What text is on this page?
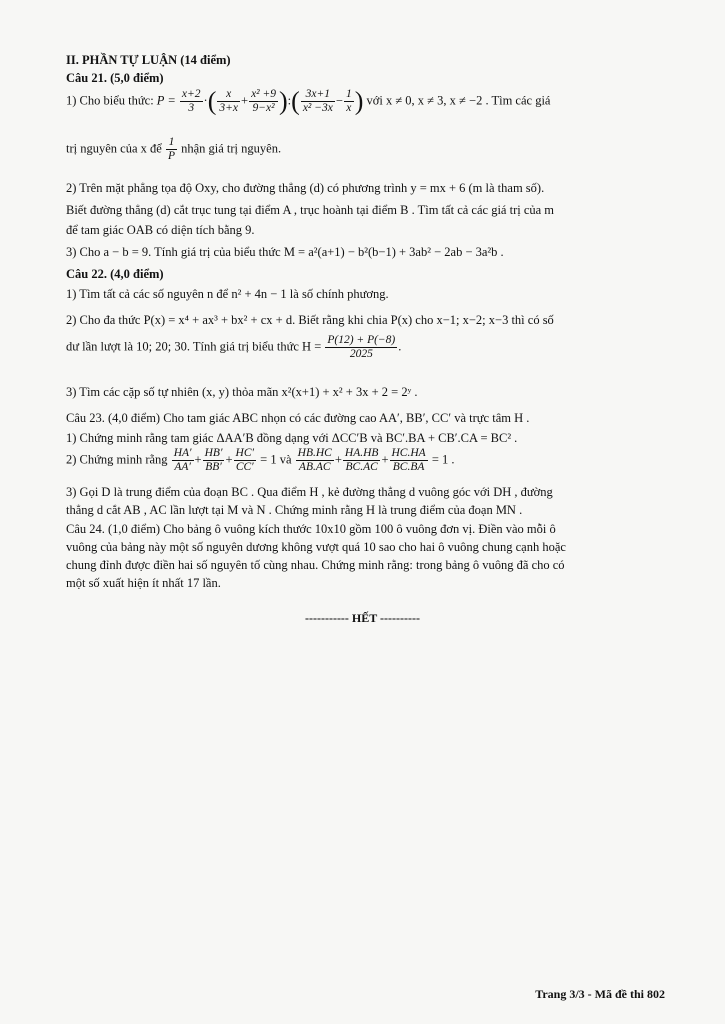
II. PHẦN TỰ LUẬN (14 điểm)
Câu 21. (5,0 điểm)
1) Cho biểu thức: $P = \frac{x+2}{3}$ ·( $\frac{x}{3+x} + \frac{\text{x² +9}}{\text{9−x²}}$ ):( $\frac{3x+1}{\text{x² −3x}} - \frac{1}{x}$ ) với x ≠ 0, x ≠ 3, x ≠ −2 . Tìm các giá
trị nguyên của x để $\frac{1}{P}$ nhận giá trị nguyên.
2) Trên mặt phẳng tọa độ Oxy, cho đường thẳng (d) có phương trình y = mx + 6 (m là tham số).
Biết đường thẳng (d) cắt trục tung tại điểm A , trục hoành tại điểm B . Tìm tất cả các giá trị của m
để tam giác OAB có diện tích bằng 9.
3) Cho a − b = 9. Tính giá trị của biểu thức M = a²(a+1) − b²(b−1) + 3ab² − 2ab − 3a²b .
Câu 22. (4,0 điểm)
1) Tìm tất cả các số nguyên n để n² + 4n − 1 là số chính phương.
2) Cho đa thức P(x) = x⁴ + ax³ + bx² + cx + d. Biết rằng khi chia P(x) cho x−1; x−2; x−3 thì có số
dư lần lượt là 10; 20; 30. Tính giá trị biểu thức $H = \frac{P(12) + P(-8)}{2025}$ .
3) Tìm các cặp số tự nhiên (x, y) thỏa mãn x²(x+1) + x² + 3x + 2 = 2ʸ .
Câu 23. (4,0 điểm) Cho tam giác ABC nhọn có các đường cao AA′, BB′, CC′ và trực tâm H .
1) Chứng minh rằng tam giác ΔAA′B đồng dạng với ΔCC′B và BC′.BA + CB′.CA = BC² .
2) Chứng minh rằng $\frac{HA'}{AA'} + \frac{HB'}{BB'} + \frac{HC'}{CC'} = 1$ và $\frac{HB.HC}{AB.AC} + \frac{HA.HB}{BC.AC} + \frac{HC.HA}{BC.BA} = 1$ .
3) Gọi D là trung điểm của đoạn BC . Qua điểm H , kẻ đường thẳng d vuông góc với DH , đường
thẳng d cắt AB , AC lần lượt tại M và N . Chứng minh rằng H là trung điểm của đoạn MN .
Câu 24. (1,0 điểm) Cho bảng ô vuông kích thước 10x10 gồm 100 ô vuông đơn vị. Điền vào mỗi ô
vuông của bảng này một số nguyên dương không vượt quá 10 sao cho hai ô vuông chung cạnh hoặc
chung đỉnh được điền hai số nguyên tố cùng nhau. Chứng minh rằng: trong bảng ô vuông đã cho có
một số xuất hiện ít nhất 17 lần.
----------- HẾT ----------
Trang 3/3 - Mã đề thi 802
